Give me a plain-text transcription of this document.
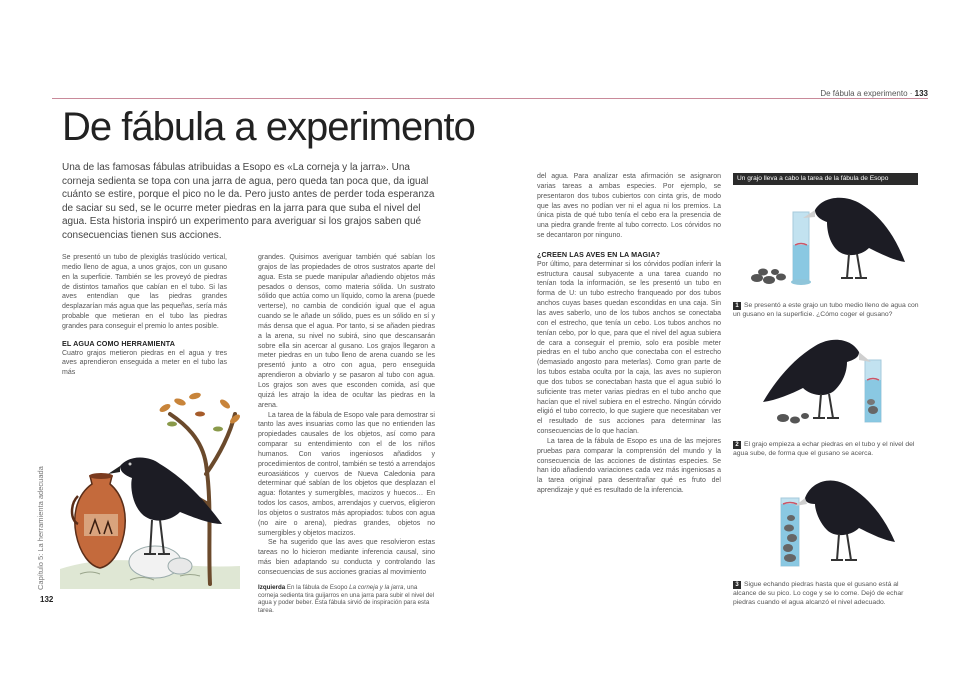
De fábula a experimento · 133
De fábula a experimento
Una de las famosas fábulas atribuidas a Esopo es «La corneja y la jarra». Una corneja sedienta se topa con una jarra de agua, pero queda tan poca que, da igual cuánto se estire, porque el pico no le da. Pero justo antes de perder toda esperanza de saciar su sed, se le ocurre meter piedras en la jarra para que suba el nivel del agua. Esta historia inspiró un experimento para averiguar si los grajos saben qué consecuencias tienen sus acciones.

Se presentó un tubo de plexiglás traslúcido vertical, medio lleno de agua, a unos grajos, con un gusano en la superficie. También se les proveyó de piedras de distintos tamaños que cabían en el tubo. Si las aves entendían que las piedras grandes desplazarían más agua que las pequeñas, sería más probable que metieran en el tubo las piedras grandes para conseguir el premio lo antes posible.

EL AGUA COMO HERRAMIENTA

Cuatro grajos metieron piedras en el agua y tres aves aprendieron enseguida a meter en el tubo las más

grandes. Quisimos averiguar también qué sabían los grajos de las propiedades de otros sustratos aparte del agua. Esta se puede manipular añadiendo objetos más pesados o densos, como materia sólida. Un sustrato sólido que actúa como un líquido, como la arena (puede verterse), no cambia de condición igual que el agua cuando se le añade un sólido, pues es un sólido en sí y más densa que el agua. Por tanto, si se añaden piedras a la arena, su nivel no subirá, sino que descansarán sobre ella sin acercar al gusano. Los grajos llegaron a meter piedras en un tubo lleno de arena cuando se les presentó junto a otro con agua, pero enseguida aprendieron a obviarlo y se pasaron al tubo con agua. Los grajos son aves que esconden comida, así que quizá les atrajo la idea de ocultar las piedras en la arena.

La tarea de la fábula de Esopo vale para demostrar si tanto las aves insuarias como las que no entienden las propiedades causales de los objetos, así como para comparar su entendimiento con el de los niños humanos. Con varios ingeniosos añadidos y procedimientos de control, también se testó a arrendajos euroasiáticos y cuervos de Nueva Caledonia para determinar qué sabían de los objetos que desplazan el agua: flotantes y sumergibles, macizos y huecos… En todos los casos, ambos, arrendajos y cuervos, eligieron los objetos o sustratos más apropiados: tubos con agua (no aire o arena), piedras grandes, objetos no sumergibles y objetos macizos.

Se ha sugerido que las aves que resolvieron estas tareas no lo hicieron mediante inferencia causal, sino más bien adaptando su conducta y controlando las consecuencias de sus acciones gracias al movimiento

Izquierda En la fábula de Esopo La corneja y la jarra, una corneja sedienta tira guijarros en una jarra para subir el nivel del agua y poder beber. Esta fábula sirvió de inspiración para esta tarea.
Capítulo 5: La herramienta adecuada
132

del agua. Para analizar esta afirmación se asignaron varias tareas a ambas especies. Por ejemplo, se presentaron dos tubos cubiertos con cinta gris, de modo que las aves no podían ver ni el agua ni los premios. La única pista de qué tubo tenía el cebo era la presencia de una piedra grande frente al tubo correcto. Los córvidos no se decantaron por ninguno.

¿CREEN LAS AVES EN LA MAGIA?

Por último, para determinar si los córvidos podían inferir la estructura causal subyacente a una tarea cuando no tenían toda la información, se les presentó un tubo en forma de U: un tubo estrecho franqueado por dos tubos anchos cuyas bases quedan escondidas en una caja. Sin las aves saberlo, uno de los tubos anchos se conectaba con el estrecho, que tenía un cebo. Los tubos anchos no tenían cebo, por lo que, para que el nivel del agua subiera de cara a conseguir el premio, solo era posible meter piedras en el tubo ancho que conectaba con el estrecho (demasiado angosto para meterlas). Como gran parte de los tubos estaba oculta por la caja, las aves no supieron que dos tubos se conectaban hasta que el agua subió lo suficiente tras meter varias piedras en el tubo ancho que hacían que el nivel subiera en el estrecho. Ningún córvido eligió el tubo correcto, lo que sugiere que necesitaban ver el resultado de sus acciones para determinar las consecuencias de lo que hacían.

La tarea de la fábula de Esopo es una de las mejores pruebas para comparar la comprensión del mundo y la consecuencia de las acciones de distintas especies. Se han ido añadiendo variaciones cada vez más ingeniosas a la tarea original para desentrañar qué es fruto del aprendizaje y qué es resultado de la inferencia.

Un grajo lleva a cabo la tarea de la fábula de Esopo
1 Se presentó a este grajo un tubo medio lleno de agua con un gusano en la superficie. ¿Cómo coger el gusano?
2 El grajo empieza a echar piedras en el tubo y el nivel del agua sube, de forma que el gusano se acerca.
3 Sigue echando piedras hasta que el gusano está al alcance de su pico. Lo coge y se lo come. Dejó de echar piedras cuando el agua alcanzó el nivel adecuado.
